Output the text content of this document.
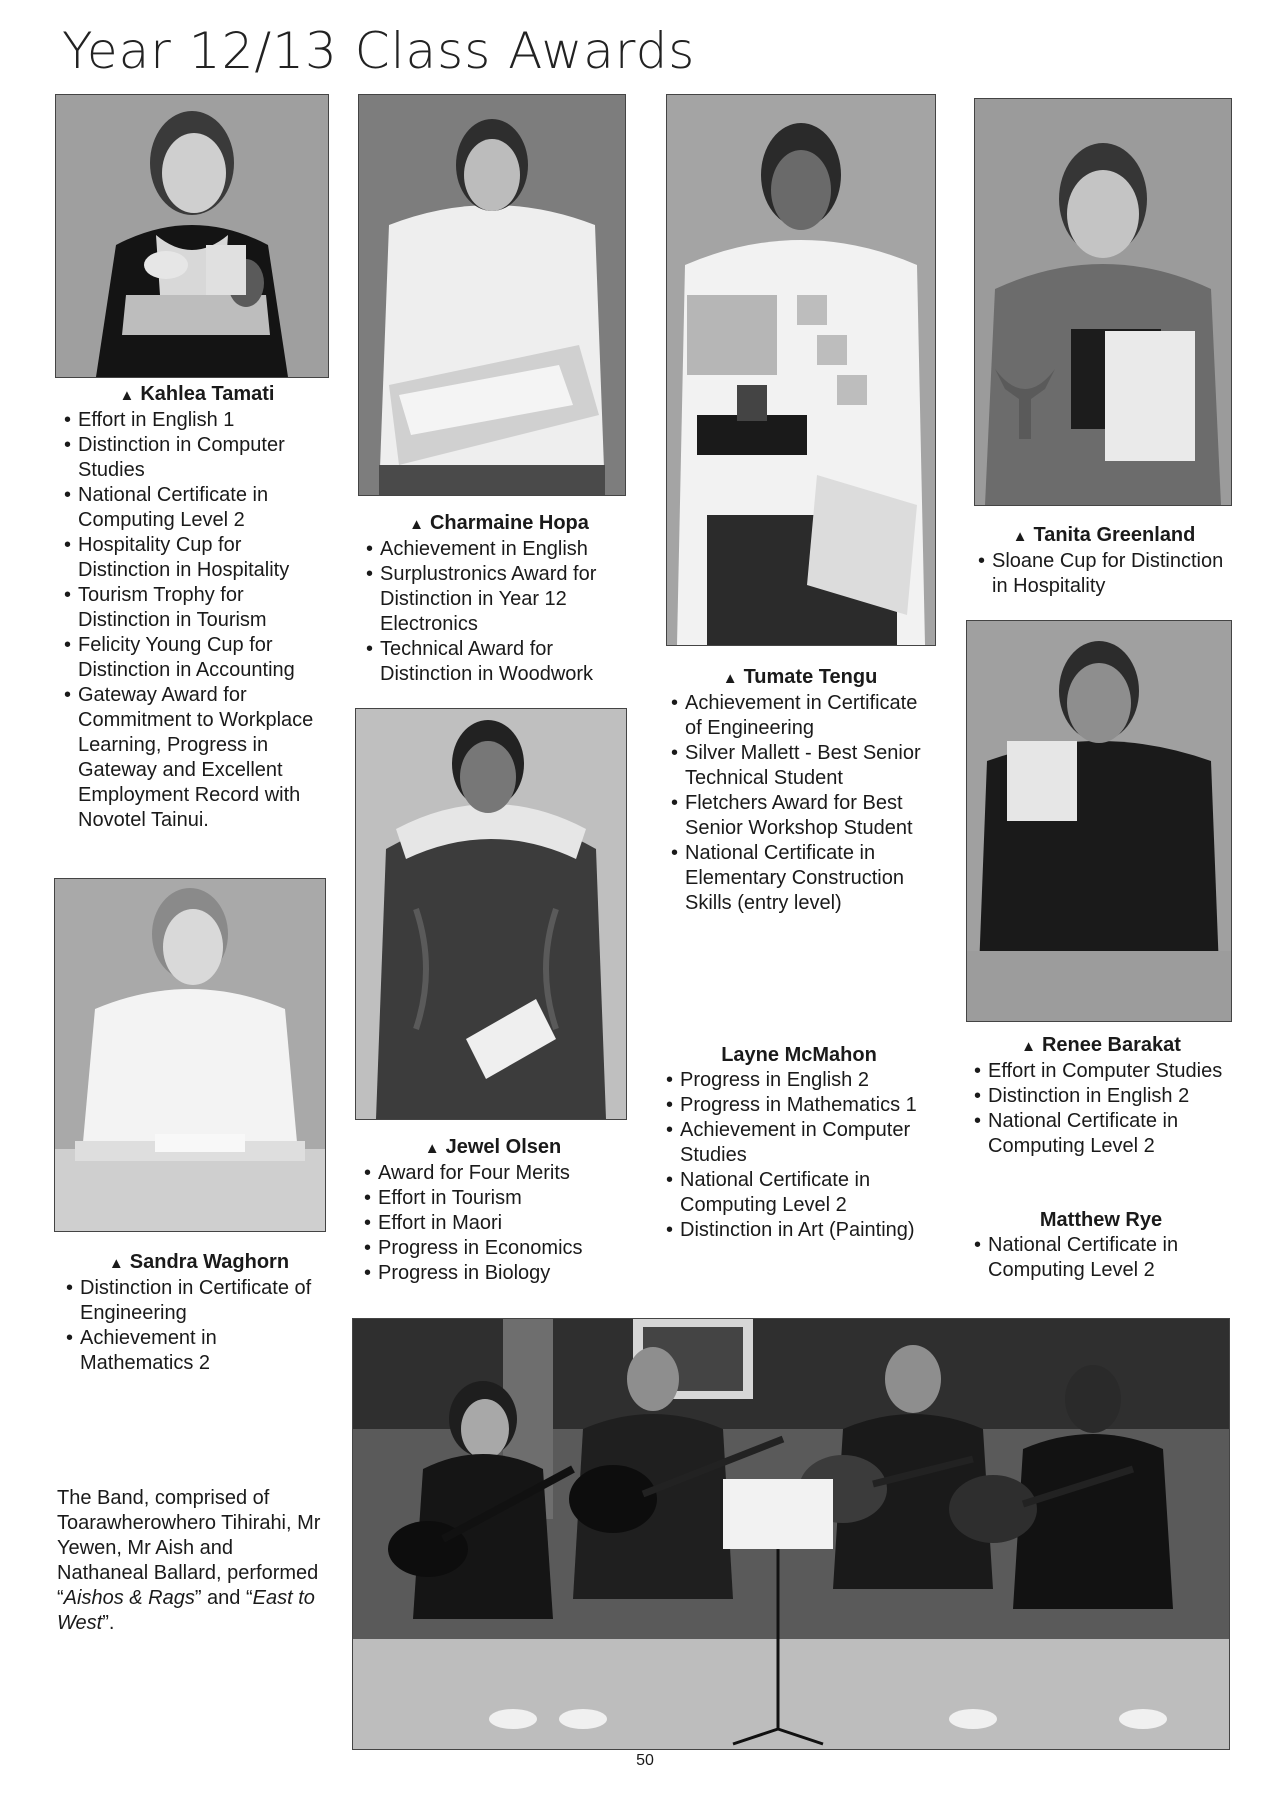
Year 12/13 Class Awards
▲ Kahlea Tamati
• Effort in English 1
• Distinction in Computer Studies
• National Certificate in Computing Level 2
• Hospitality Cup for Distinction in Hospitality
• Tourism Trophy for Distinction in Tourism
• Felicity Young Cup for Distinction in Accounting
• Gateway Award for Commitment to Workplace Learning, Progress in Gateway and Excellent Employment Record with Novotel Tainui.
▲ Charmaine Hopa
• Achievement in English
• Surplustronics Award for Distinction in Year 12 Electronics
• Technical Award for Distinction in Woodwork	▲ Tumate Tengu
• Achievement in Certificate of Engineering
• Silver Mallett - Best Senior Technical Student
• Fletchers Award for Best Senior Workshop Student
• National Certificate in Elementary Construction Skills (entry level)
▲ Tanita Greenland
• Sloane Cup for Distinction in Hospitality
▲ Sandra Waghorn
• Distinction in Certificate of Engineering
• Achievement in Mathematics 2
▲ Jewel Olsen
• Award for Four Merits
• Effort in Tourism
• Effort in Maori
• Progress in Economics
• Progress in Biology
Layne McMahon
• Progress in English 2
• Progress in Mathematics 1
• Achievement in Computer Studies
• National Certificate in Computing Level 2
• Distinction in Art (Painting)
▲ Renee Barakat
• Effort in Computer Studies
• Distinction in English 2
• National Certificate in Computing Level 2
Matthew Rye
• National Certificate in Computing Level 2
The Band, comprised of Toarawherowhero Tihirahi, Mr Yewen, Mr Aish and Nathaneal Ballard, performed “Aishos & Rags” and “East to West”.
50
